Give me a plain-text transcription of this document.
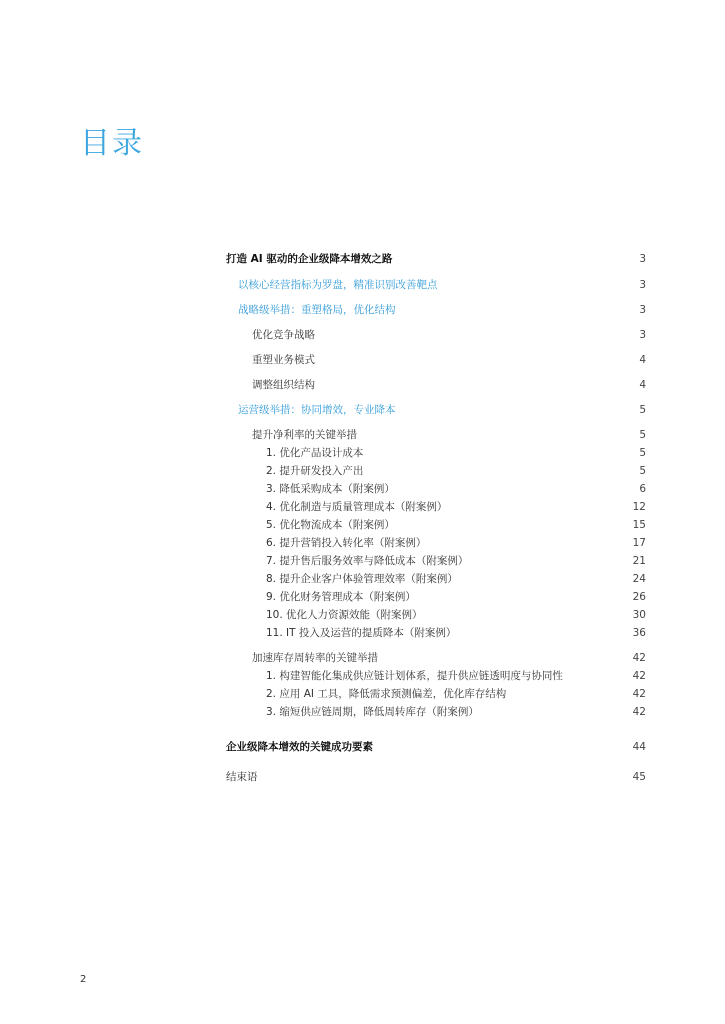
目录
打造 AI 驱动的企业级降本增效之路	3
以核心经营指标为罗盘，精准识别改善靶点	3
战略级举措：重塑格局，优化结构	3
优化竞争战略	3
重塑业务模式	4
调整组织结构	4
运营级举措：协同增效，专业降本	5
提升净利率的关键举措	5
1. 优化产品设计成本	5
2. 提升研发投入产出	5
3. 降低采购成本（附案例）	6
4. 优化制造与质量管理成本（附案例）	12
5. 优化物流成本（附案例）	15
6. 提升营销投入转化率（附案例）	17
7. 提升售后服务效率与降低成本（附案例）	21
8. 提升企业客户体验管理效率（附案例）	24
9. 优化财务管理成本（附案例）	26
10. 优化人力资源效能（附案例）	30
11. IT 投入及运营的提质降本（附案例）	36
加速库存周转率的关键举措	42
1. 构建智能化集成供应链计划体系，提升供应链透明度与协同性	42
2. 应用 AI 工具，降低需求预测偏差，优化库存结构	42
3. 缩短供应链周期，降低周转库存（附案例）	42
企业级降本增效的关键成功要素	44
结束语	45
2
